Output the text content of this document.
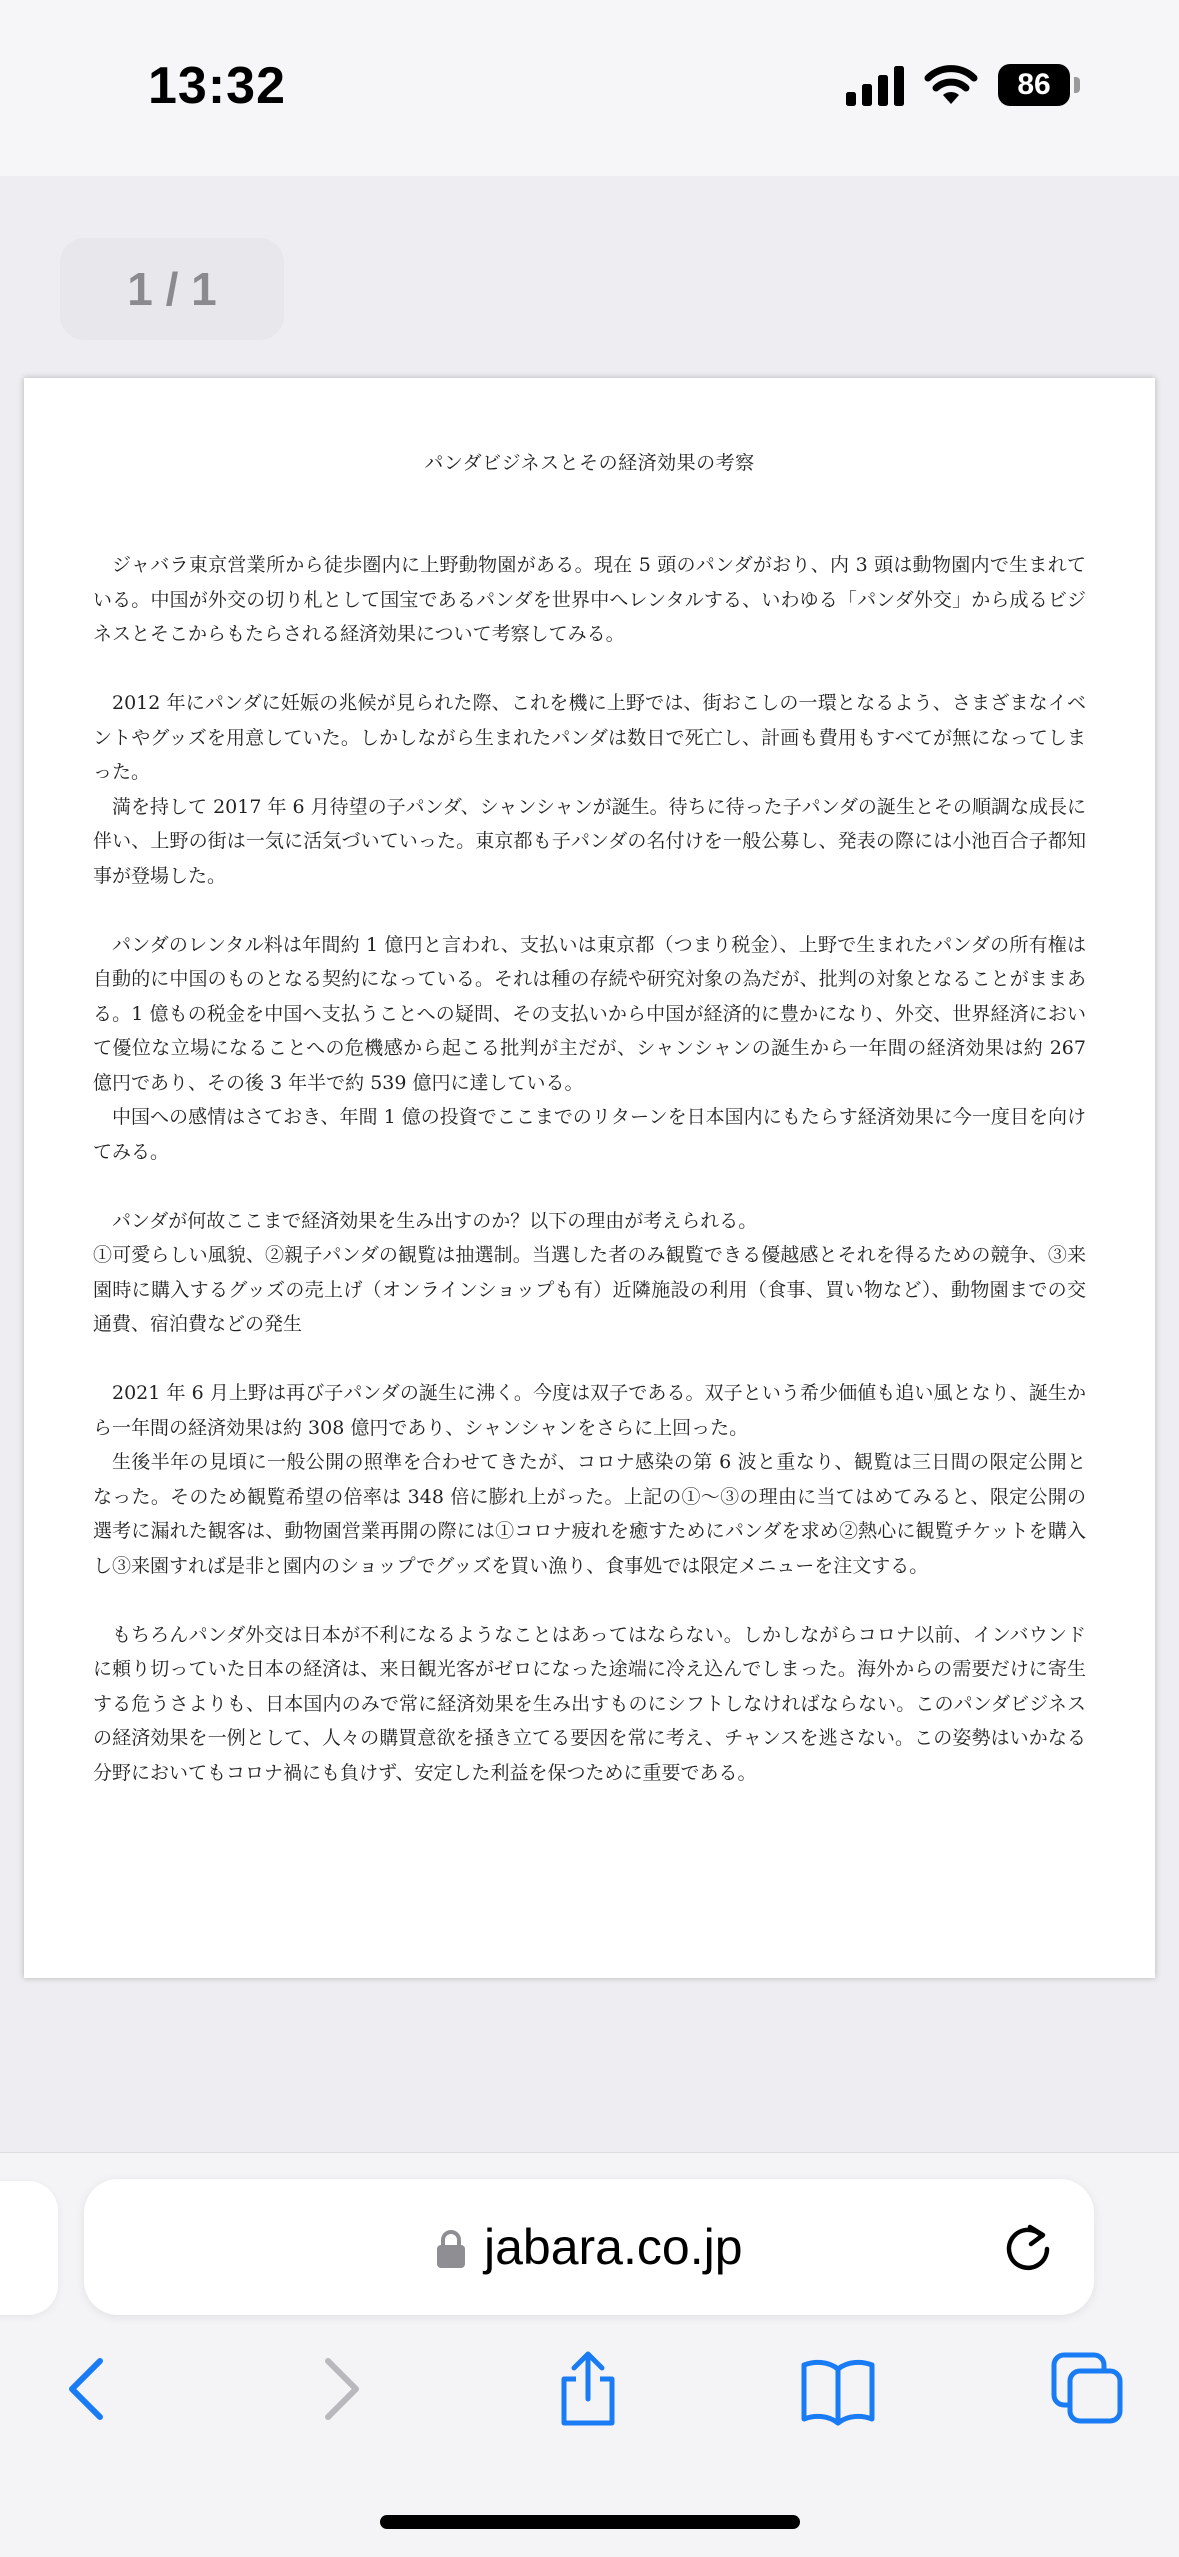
13:32	86
1 / 1
パンダビジネスとその経済効果の考察

ジャバラ東京営業所から徒歩圏内に上野動物園がある。現在 5 頭のパンダがおり、内 3 頭は動物園内で生まれている。中国が外交の切り札として国宝であるパンダを世界中へレンタルする、いわゆる「パンダ外交」から成るビジネスとそこからもたらされる経済効果について考察してみる。

2012 年にパンダに妊娠の兆候が見られた際、これを機に上野では、街おこしの一環となるよう、さまざまなイベントやグッズを用意していた。しかしながら生まれたパンダは数日で死亡し、計画も費用もすべてが無になってしまった。

満を持して 2017 年 6 月待望の子パンダ、シャンシャンが誕生。待ちに待った子パンダの誕生とその順調な成長に伴い、上野の街は一気に活気づいていった。東京都も子パンダの名付けを一般公募し、発表の際には小池百合子都知事が登場した。

パンダのレンタル料は年間約 1 億円と言われ、支払いは東京都（つまり税金）、上野で生まれたパンダの所有権は自動的に中国のものとなる契約になっている。それは種の存続や研究対象の為だが、批判の対象となることがままある。1 億もの税金を中国へ支払うことへの疑問、その支払いから中国が経済的に豊かになり、外交、世界経済において優位な立場になることへの危機感から起こる批判が主だが、シャンシャンの誕生から一年間の経済効果は約 267 億円であり、その後 3 年半で約 539 億円に達している。

中国への感情はさておき、年間 1 億の投資でここまでのリターンを日本国内にもたらす経済効果に今一度目を向けてみる。

パンダが何故ここまで経済効果を生み出すのか？以下の理由が考えられる。

①可愛らしい風貌、②親子パンダの観覧は抽選制。当選した者のみ観覧できる優越感とそれを得るための競争、③来園時に購入するグッズの売上げ（オンラインショップも有）近隣施設の利用（食事、買い物など）、動物園までの交通費、宿泊費などの発生

2021 年 6 月上野は再び子パンダの誕生に沸く。今度は双子である。双子という希少価値も追い風となり、誕生から一年間の経済効果は約 308 億円であり、シャンシャンをさらに上回った。

生後半年の見頃に一般公開の照準を合わせてきたが、コロナ感染の第 6 波と重なり、観覧は三日間の限定公開となった。そのため観覧希望の倍率は 348 倍に膨れ上がった。上記の①～③の理由に当てはめてみると、限定公開の選考に漏れた観客は、動物園営業再開の際には①コロナ疲れを癒すためにパンダを求め②熱心に観覧チケットを購入し③来園すれば是非と園内のショップでグッズを買い漁り、食事処では限定メニューを注文する。

もちろんパンダ外交は日本が不利になるようなことはあってはならない。しかしながらコロナ以前、インバウンドに頼り切っていた日本の経済は、来日観光客がゼロになった途端に冷え込んでしまった。海外からの需要だけに寄生する危うさよりも、日本国内のみで常に経済効果を生み出すものにシフトしなければならない。このパンダビジネスの経済効果を一例として、人々の購買意欲を掻き立てる要因を常に考え、チャンスを逃さない。この姿勢はいかなる分野においてもコロナ禍にも負けず、安定した利益を保つために重要である。

jabara.co.jp
